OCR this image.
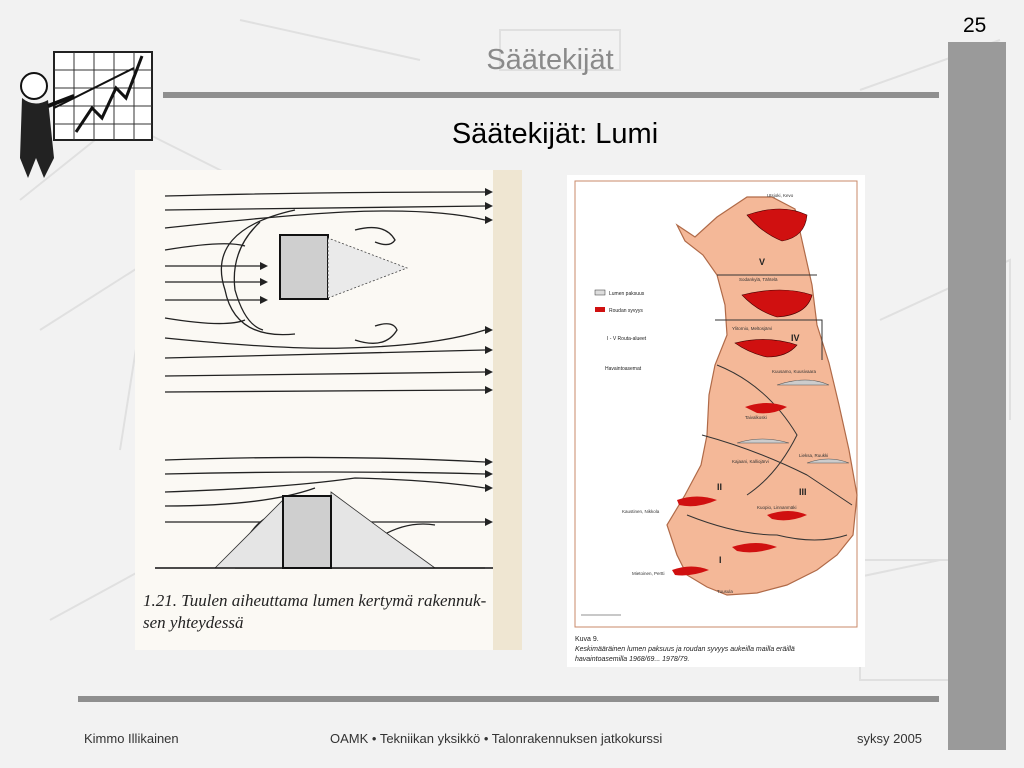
25
Säätekijät
Säätekijät: Lumi
1.21. Tuulen aiheuttama lumen kertymä rakennuk-
sen yhteydessä
V
IV
III
II
I
Lumen paksuus
Roudan syvyys
I - V Routa-alueet
Havaintoasemat
Utsjoki, Kevo
Sodankylä, Tähtelä
Ylitornio, Meltosjärvi
Kuusamo, Kuusivaara
Taivalkoski
Kajaani, Kalliojärvi
Lieksa, Ruukki
Kuopio, Linnanmäki
Kaustinen, Nikkola
Mietoinen, Pertti
Tuusula
Kuva 9.
Keskimääräinen lumen paksuus ja roudan syvyys aukeilla mailla eräillä
havaintoasemilla 1968/69... 1978/79.
Kimmo Illikainen	OAMK • Tekniikan yksikkö • Talonrakennuksen jatkokurssi	syksy 2005
